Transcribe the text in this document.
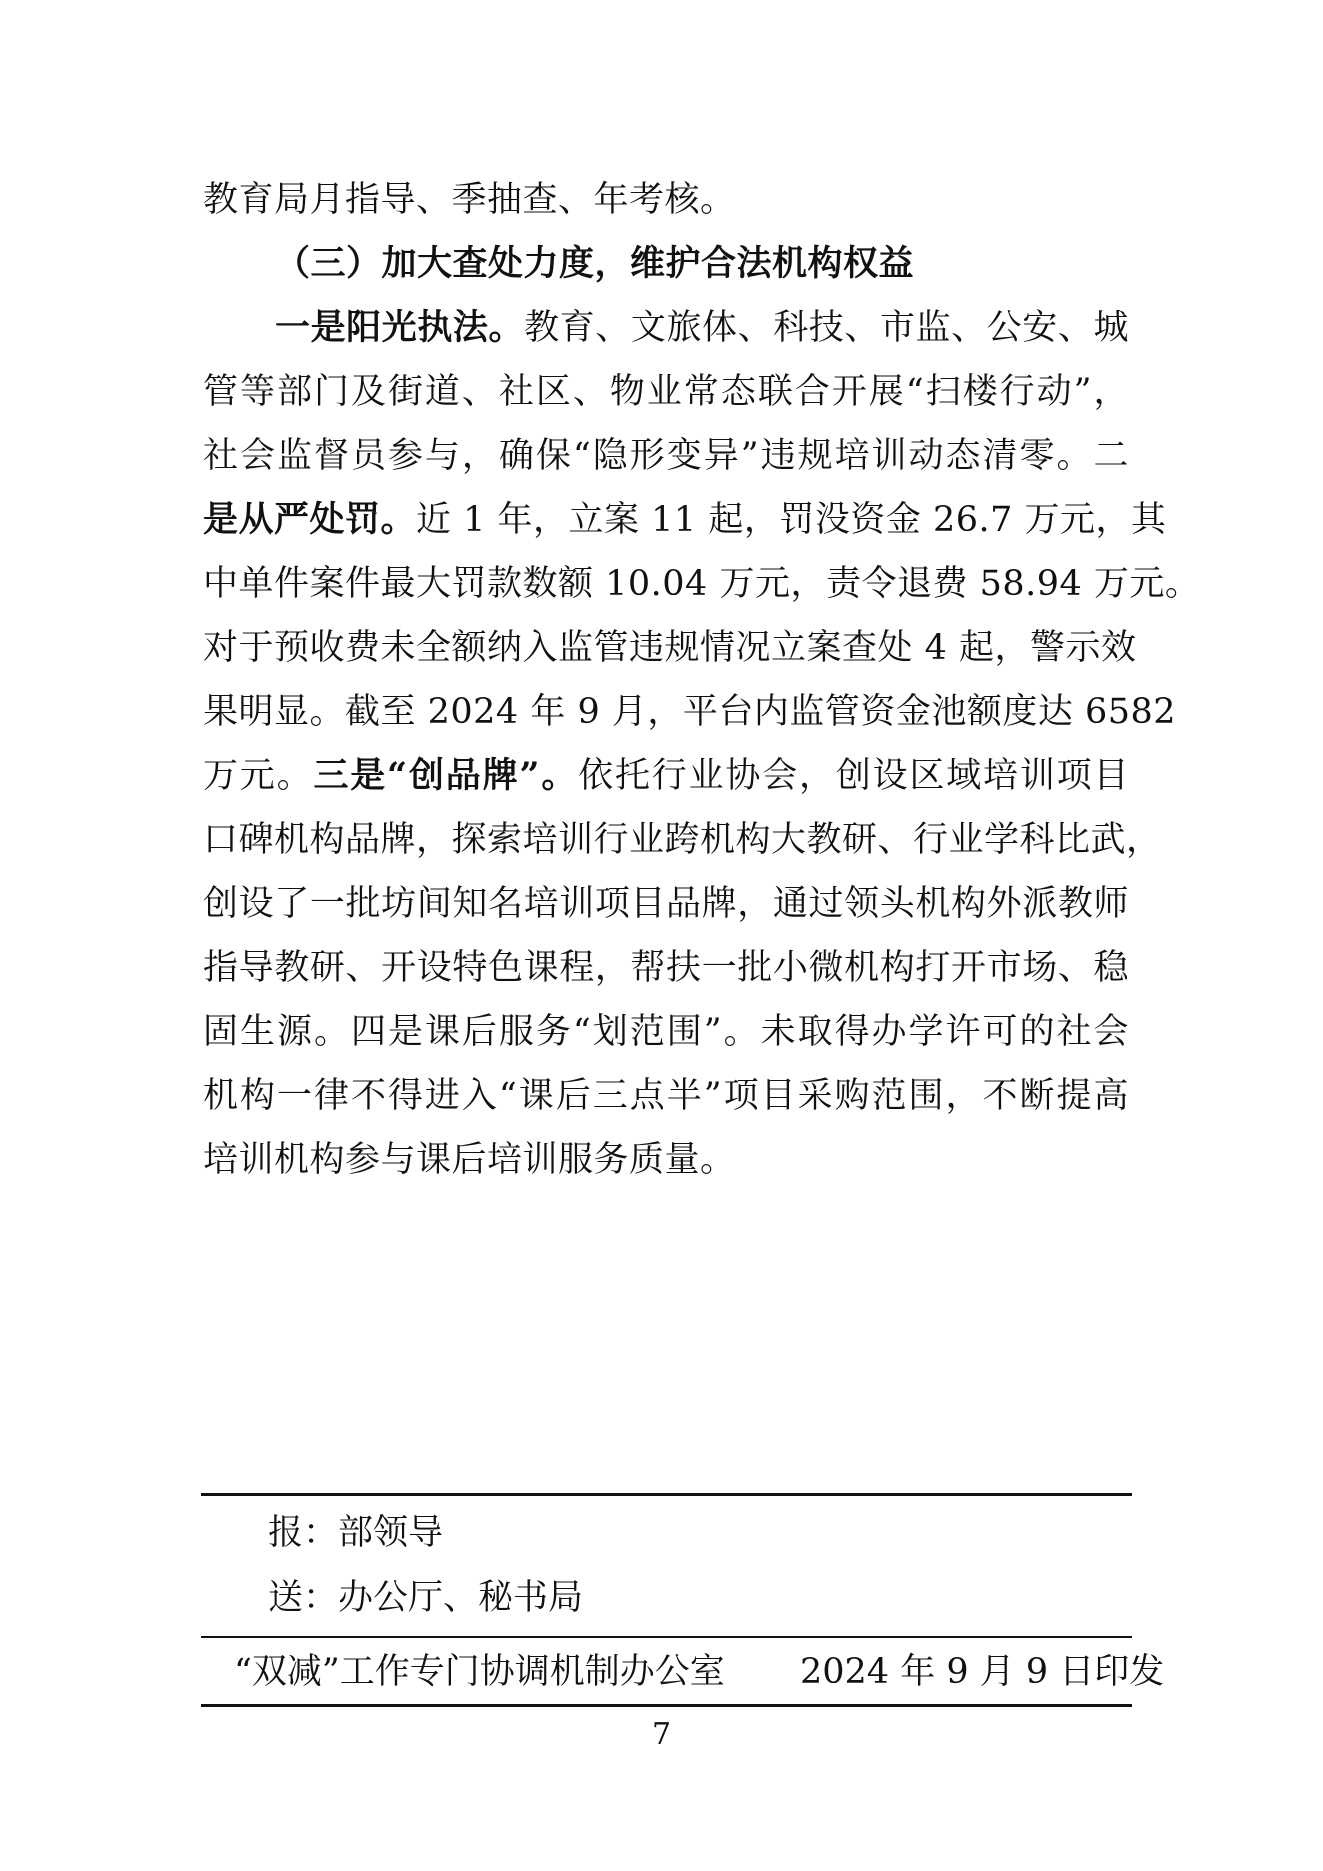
教育局月指导、季抽查、年考核。
（三）加大查处力度，维护合法机构权益
一是阳光执法。教育、文旅体、科技、市监、公安、城
管等部门及街道、社区、物业常态联合开展“扫楼行动”，
社会监督员参与，确保“隐形变异”违规培训动态清零。二
是从严处罚。近 1 年，立案 11 起，罚没资金 26.7 万元，其
中单件案件最大罚款数额 10.04 万元，责令退费 58.94 万元。
对于预收费未全额纳入监管违规情况立案查处 4 起，警示效
果明显。截至 2024 年 9 月，平台内监管资金池额度达 6582
万元。三是“创品牌”。依托行业协会，创设区域培训项目
口碑机构品牌，探索培训行业跨机构大教研、行业学科比武，
创设了一批坊间知名培训项目品牌，通过领头机构外派教师
指导教研、开设特色课程，帮扶一批小微机构打开市场、稳
固生源。四是课后服务“划范围”。未取得办学许可的社会
机构一律不得进入“课后三点半”项目采购范围，不断提高
培训机构参与课后培训服务质量。
报：部领导
送：办公厅、秘书局
“双减”工作专门协调机制办公室 2024 年 9 月 9 日印发
7
